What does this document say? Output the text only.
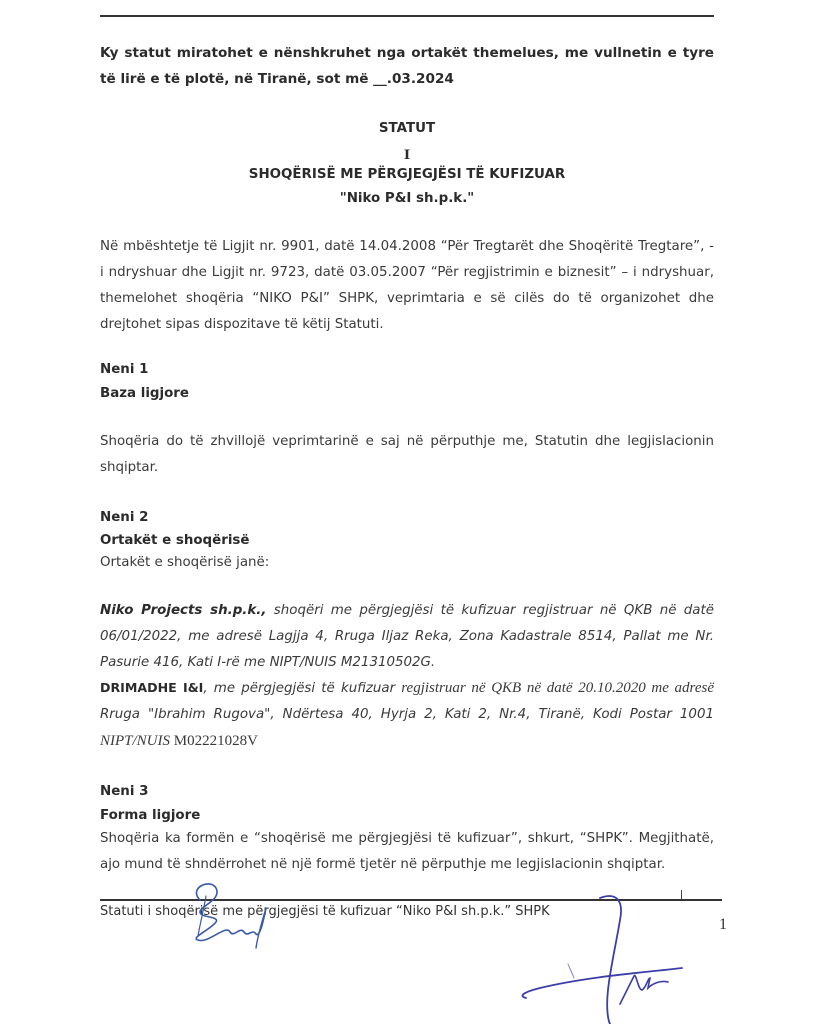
Ky statut miratohet e nënshkruhet nga ortakët themelues, me vullnetin e tyre të lirë e të plotë, në Tiranë, sot më __.03.2024

STATUT

I

SHOQËRISË ME PËRGJEGJËSI TË KUFIZUAR

"Niko P&I sh.p.k."

Në mbështetje të Ligjit nr. 9901, datë 14.04.2008 “Për Tregtarët dhe Shoqëritë Tregtare”, - i ndryshuar dhe Ligjit nr. 9723, datë 03.05.2007 “Për regjistrimin e biznesit” – i ndryshuar, themelohet shoqëria “NIKO P&I” SHPK, veprimtaria e së cilës do të organizohet dhe drejtohet sipas dispozitave të këtij Statuti.

Neni 1

Baza ligjore

Shoqëria do të zhvillojë veprimtarinë e saj në përputhje me, Statutin dhe legjislacionin shqiptar.

Neni 2

Ortakët e shoqërisë

Ortakët e shoqërisë janë:

Niko Projects sh.p.k., shoqëri me përgjegjësi të kufizuar regjistruar në QKB në datë 06/01/2022, me adresë Lagjja 4, Rruga Iljaz Reka, Zona Kadastrale 8514, Pallat me Nr. Pasurie 416, Kati I-rë me NIPT/NUIS M21310502G.

DRIMADHE I&I, me përgjegjësi të kufizuar regjistruar në QKB në datë 20.10.2020 me adresë Rruga "Ibrahim Rugova", Ndërtesa 40, Hyrja 2, Kati 2, Nr.4, Tiranë, Kodi Postar 1001 NIPT/NUIS M02221028V

Neni 3

Forma ligjore

Shoqëria ka formën e “shoqërisë me përgjegjësi të kufizuar”, shkurt, “SHPK”. Megjithatë, ajo mund të shndërrohet në një formë tjetër në përputhje me legjislacionin shqiptar.

Statuti i shoqërisë me përgjegjësi të kufizuar “Niko P&I sh.p.k.” SHPK
1
